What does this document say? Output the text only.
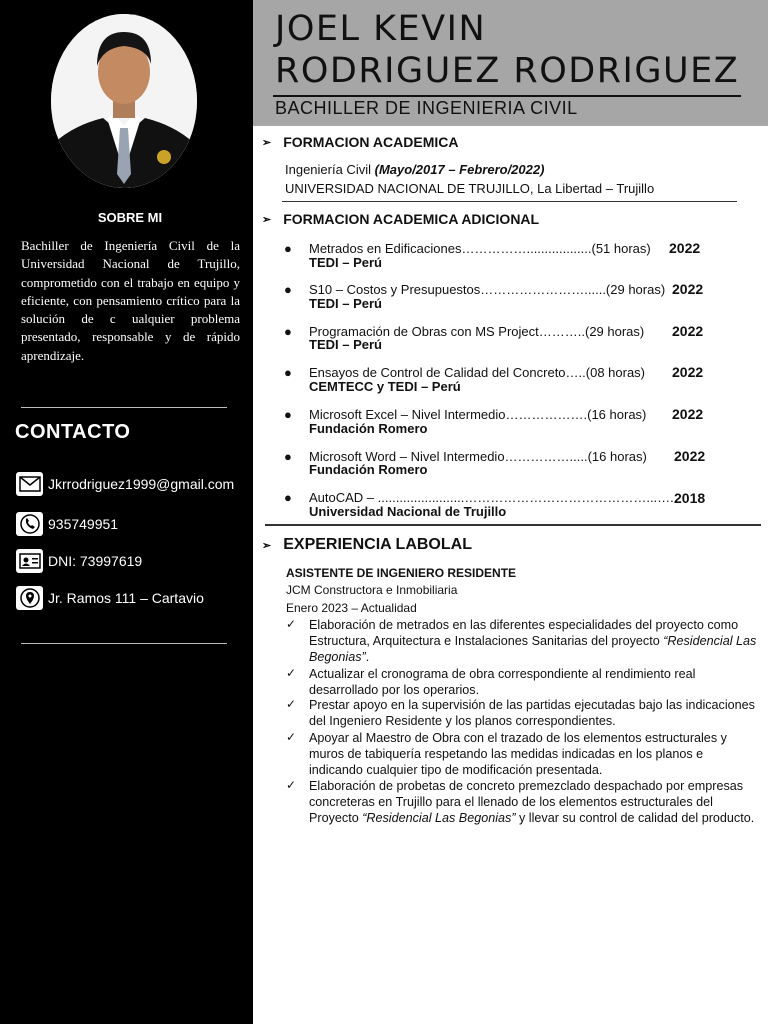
SOBRE MI
Bachiller de Ingeniería Civil de la Universidad Nacional de Trujillo, comprometido con el trabajo en equipo y eficiente, con pensamiento crítico para la solución de c ualquier problema presentado, responsable y de rápido aprendizaje.
CONTACTO
Jkrrodriguez1999@gmail.com
935749951
DNI: 73997619
Jr. Ramos 111 – Cartavio
JOEL KEVIN
RODRIGUEZ RODRIGUEZ
BACHILLER DE INGENIERIA CIVIL
➢ FORMACION ACADEMICA
Ingeniería Civil (Mayo/2017 – Febrero/2022)
UNIVERSIDAD NACIONAL DE TRUJILLO, La Libertad – Trujillo
➢ FORMACION ACADEMICA ADICIONAL
● Metrados en Edificaciones……………..................(51 horas)
TEDI – Perú
2022
● S10 – Costos y Presupuestos……………………......(29 horas)
TEDI – Perú
2022
● Programación de Obras con MS Project………..(29 horas)
TEDI – Perú
2022
● Ensayos de Control de Calidad del Concreto…..(08 horas)
CEMTECC y TEDI – Perú
2022
● Microsoft Excel – Nivel Intermedio……………….(16 horas)
Fundación Romero
2022
● Microsoft Word – Nivel Intermedio…………….....(16 horas)
Fundación Romero
2022
● AutoCAD – ........................……………………………………...…..
Universidad Nacional de Trujillo
2018
➢ EXPERIENCIA LABOLAL
ASISTENTE DE INGENIERO RESIDENTE
JCM Constructora e Inmobiliaria
Enero 2023 – Actualidad
✓ Elaboración de metrados en las diferentes especialidades del proyecto como Estructura, Arquitectura e Instalaciones Sanitarias del proyecto “Residencial Las Begonias”.
✓ Actualizar el cronograma de obra correspondiente al rendimiento real desarrollado por los operarios.
✓ Prestar apoyo en la supervisión de las partidas ejecutadas bajo las indicaciones del Ingeniero Residente y los planos correspondientes.
✓ Apoyar al Maestro de Obra con el trazado de los elementos estructurales y muros de tabiquería respetando las medidas indicadas en los planos e indicando cualquier tipo de modificación presentada.
✓ Elaboración de probetas de concreto premezclado despachado por empresas concreteras en Trujillo para el llenado de los elementos estructurales del Proyecto “Residencial Las Begonias” y llevar su control de calidad del producto.
